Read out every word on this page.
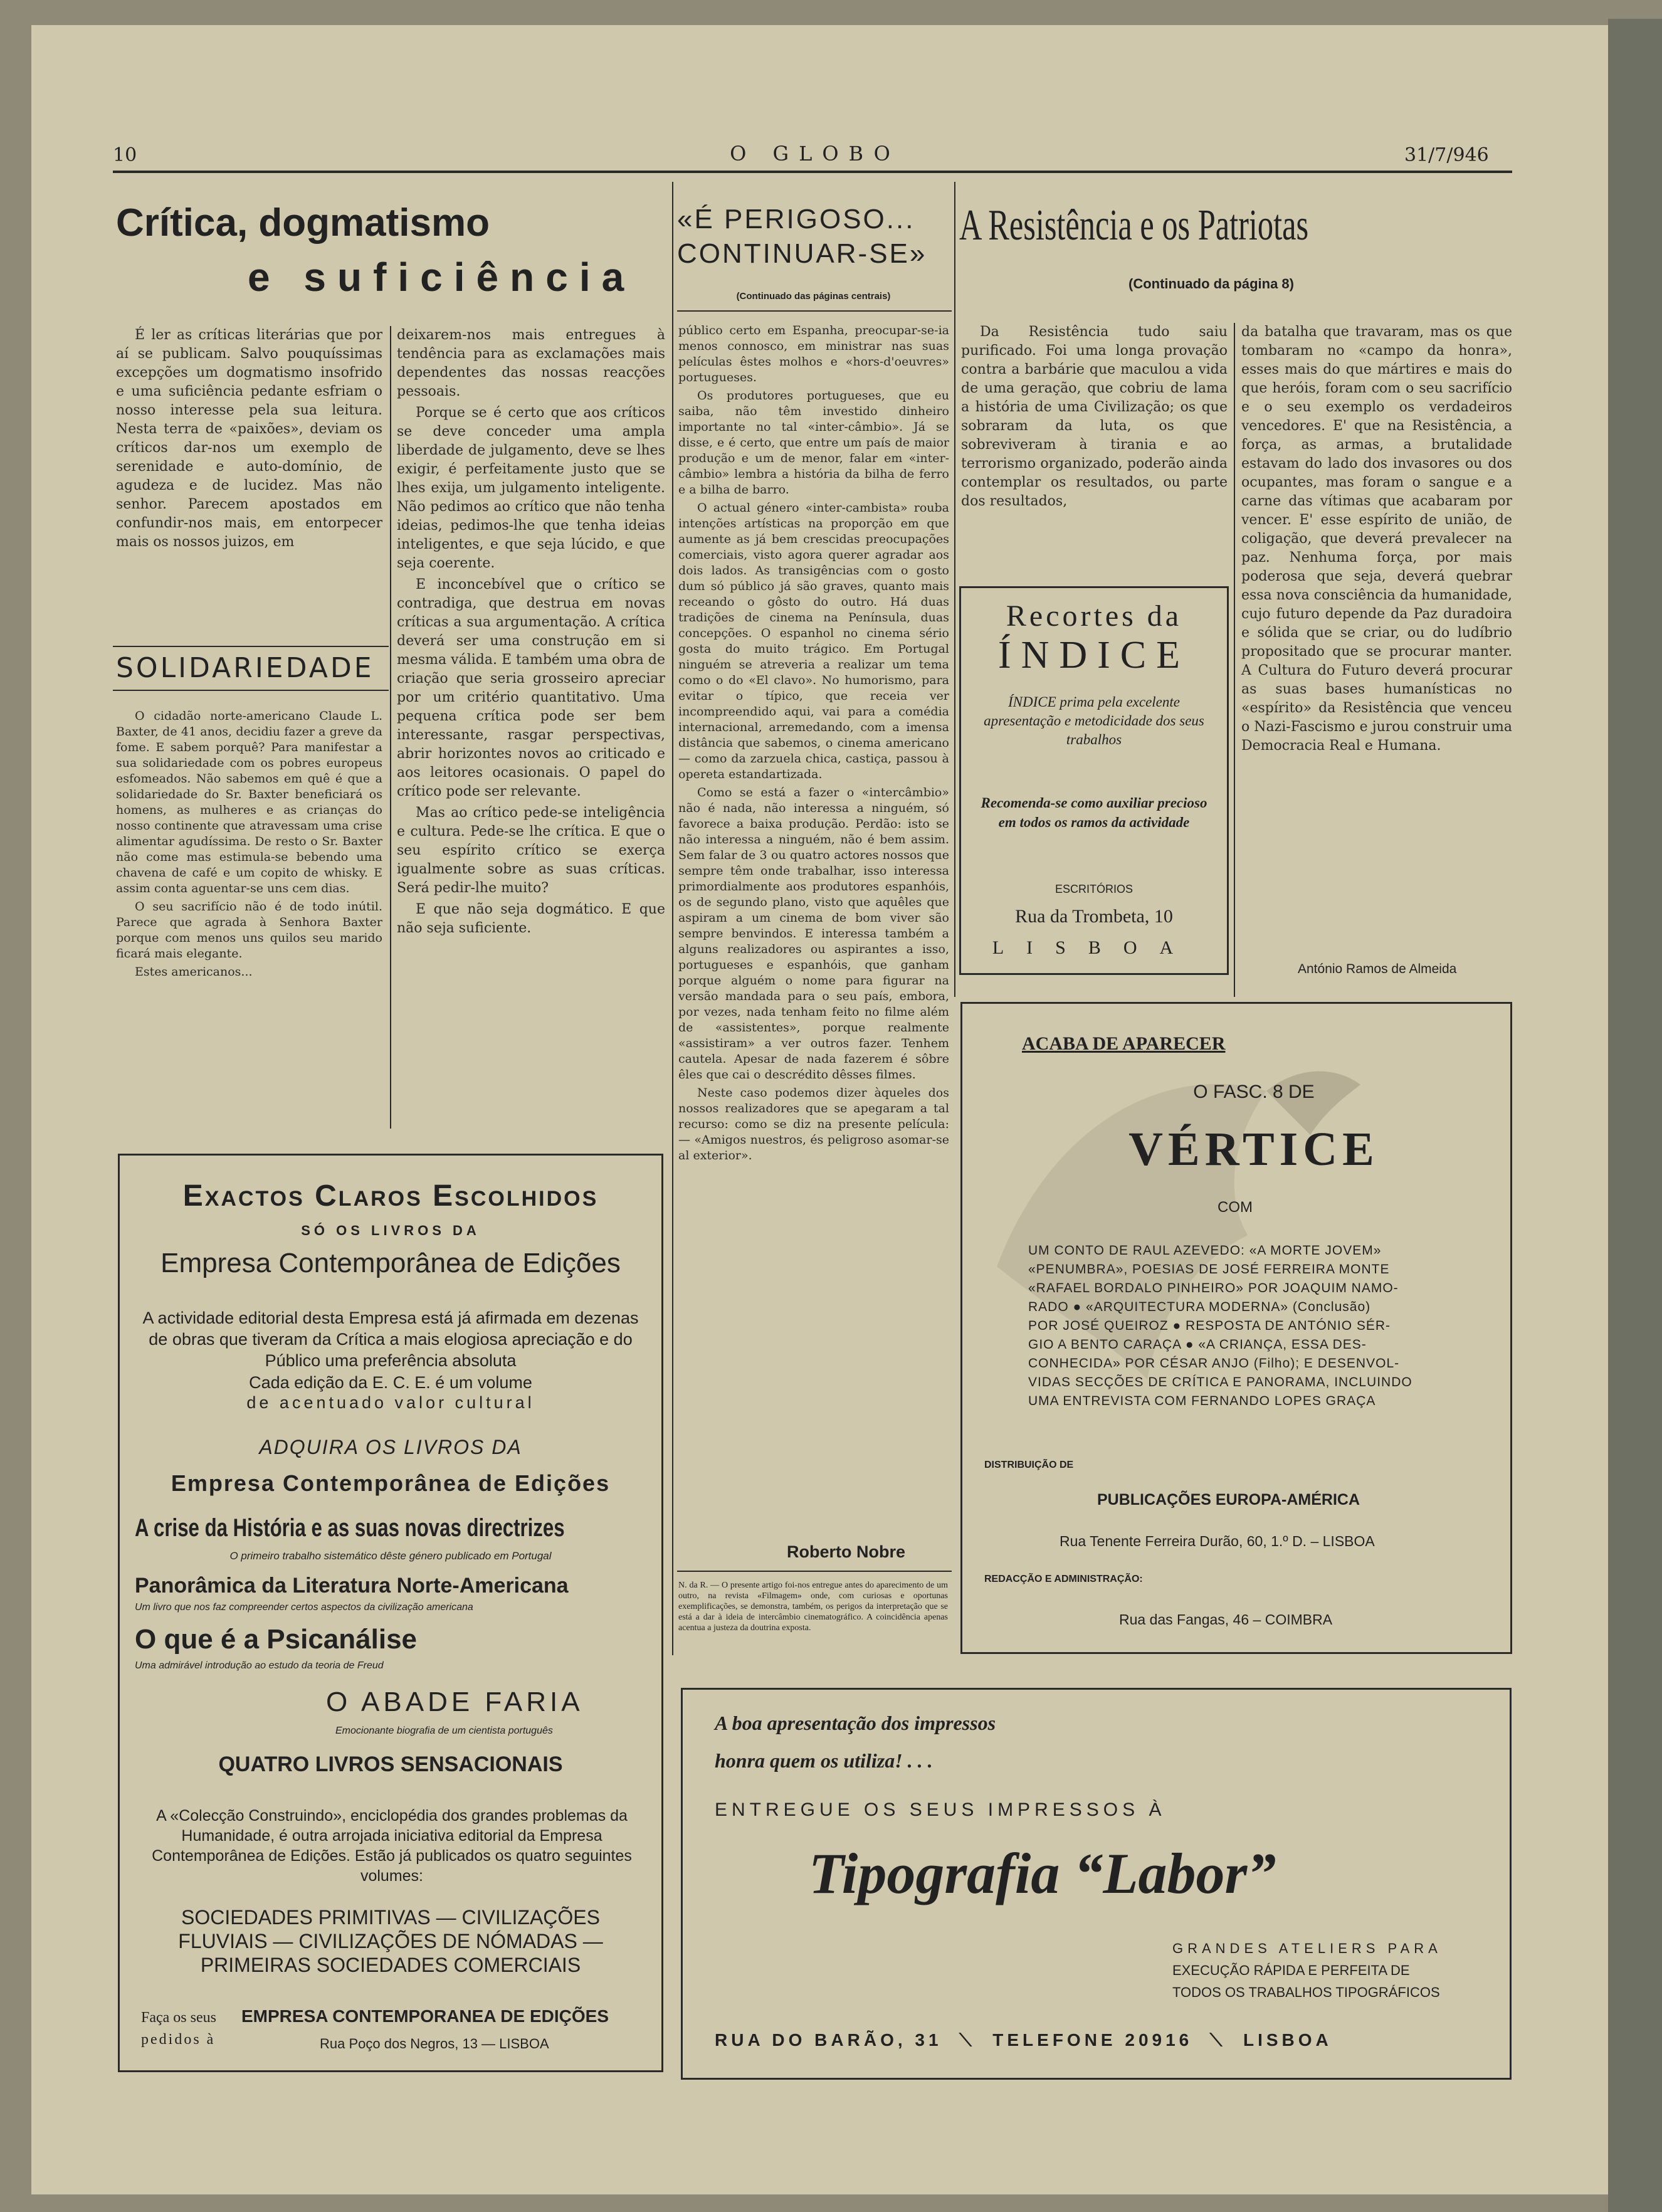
10	O GLOBO	31/7/946
Crítica, dogmatismo
e suficiência

É ler as críticas literárias que por aí se publicam. Salvo pouquíssimas excepções um dogmatismo insofrido e uma suficiência pedante esfriam o nosso interesse pela sua leitura. Nesta terra de «paixões», deviam os críticos dar-nos um exemplo de serenidade e auto-domínio, de agudeza e de lucidez. Mas não senhor. Parecem apostados em confundir-nos mais, em entorpecer mais os nossos juizos, em

deixarem-nos mais entregues à tendência para as exclamações mais dependentes das nossas reacções pessoais.

Porque se é certo que aos críticos se deve conceder uma ampla liberdade de julgamento, deve se lhes exigir, é perfeitamente justo que se lhes exija, um julgamento inteligente. Não pedimos ao crítico que não tenha ideias, pedimos-lhe que tenha ideias inteligentes, e que seja lúcido, e que seja coerente.

E inconcebível que o crítico se contradiga, que destrua em novas críticas a sua argumentação. A crítica deverá ser uma construção em si mesma válida. E também uma obra de criação que seria grosseiro apreciar por um critério quantitativo. Uma pequena crítica pode ser bem interessante, rasgar perspectivas, abrir horizontes novos ao criticado e aos leitores ocasionais. O papel do crítico pode ser relevante.

Mas ao crítico pede-se inteligência e cultura. Pede-se lhe crítica. E que o seu espírito crítico se exerça igualmente sobre as suas críticas. Será pedir-lhe muito?

E que não seja dogmático. E que não seja suficiente.

SOLIDARIEDADE

O cidadão norte-americano Claude L. Baxter, de 41 anos, decidiu fazer a greve da fome. E sabem porquê? Para manifestar a sua solidariedade com os pobres europeus esfomeados. Não sabemos em quê é que a solidariedade do Sr. Baxter beneficiará os homens, as mulheres e as crianças do nosso continente que atravessam uma crise alimentar agudíssima. De resto o Sr. Baxter não come mas estimula-se bebendo uma chavena de café e um copito de whisky. E assim conta aguentar-se uns cem dias.

O seu sacrifício não é de todo inútil. Parece que agrada à Senhora Baxter porque com menos uns quilos seu marido ficará mais elegante.

Estes americanos...

Exactos Claros Escolhidos
SÓ OS LIVROS DA
Empresa Contemporânea de Edições
A actividade editorial desta Empresa está já afirmada em dezenas de obras que tiveram da Crítica a mais elogiosa apreciação e do Público uma preferência absoluta
Cada edição da E. C. E. é um volume
de acentuado valor cultural
ADQUIRA OS LIVROS DA
Empresa Contemporânea de Edições
A crise da História e as suas novas directrizes
O primeiro trabalho sistemático dêste género publicado em Portugal
Panorâmica da Literatura Norte-Americana
Um livro que nos faz compreender certos aspectos da civilização americana
O que é a Psicanálise
Uma admirável introdução ao estudo da teoria de Freud
O ABADE FARIA
Emocionante biografia de um cientista português
QUATRO LIVROS SENSACIONAIS
A «Colecção Construindo», enciclopédia dos grandes problemas da Humanidade, é outra arrojada iniciativa editorial da Empresa Contemporânea de Edições. Estão já publicados os quatro seguintes volumes:
SOCIEDADES PRIMITIVAS — CIVILIZAÇÕES
FLUVIAIS — CIVILIZAÇÕES DE NÓMADAS —
PRIMEIRAS SOCIEDADES COMERCIAIS
Faça os seus
pedidos à
EMPRESA CONTEMPORANEA DE EDIÇÕES
Rua Poço dos Negros, 13 — LISBOA
«É PERIGOSO...
CONTINUAR-SE»
(Continuado das páginas centrais)

público certo em Espanha, preocupar-se-ia menos connosco, em ministrar nas suas películas êstes molhos e «hors-d'oeuvres» portugueses.

Os produtores portugueses, que eu saiba, não têm investido dinheiro importante no tal «inter-câmbio». Já se disse, e é certo, que entre um país de maior produção e um de menor, falar em «inter-câmbio» lembra a história da bilha de ferro e a bilha de barro.

O actual género «inter-cambista» rouba intenções artísticas na proporção em que aumente as já bem crescidas preocupações comerciais, visto agora querer agradar aos dois lados. As transigências com o gosto dum só público já são graves, quanto mais receando o gôsto do outro. Há duas tradições de cinema na Península, duas concepções. O espanhol no cinema sério gosta do muito trágico. Em Portugal ninguém se atreveria a realizar um tema como o do «El clavo». No humorismo, para evitar o típico, que receia ver incompreendido aqui, vai para a comédia internacional, arremedando, com a imensa distância que sabemos, o cinema americano — como da zarzuela chica, castiça, passou à opereta estandartizada.

Como se está a fazer o «intercâmbio» não é nada, não interessa a ninguém, só favorece a baixa produção. Perdão: isto se não interessa a ninguém, não é bem assim. Sem falar de 3 ou quatro actores nossos que sempre têm onde trabalhar, isso interessa primordialmente aos produtores espanhóis, os de segundo plano, visto que aquêles que aspiram a um cinema de bom viver são sempre benvindos. E interessa também a alguns realizadores ou aspirantes a isso, portugueses e espanhóis, que ganham porque alguém o nome para figurar na versão mandada para o seu país, embora, por vezes, nada tenham feito no filme além de «assistentes», porque realmente «assistiram» a ver outros fazer. Tenhem cautela. Apesar de nada fazerem é sôbre êles que cai o descrédito dêsses filmes.

Neste caso podemos dizer àqueles dos nossos realizadores que se apegaram a tal recurso: como se diz na presente película: — «Amigos nuestros, és peligroso asomar-se al exterior».

Roberto Nobre
N. da R. — O presente artigo foi-nos entregue antes do aparecimento de um outro, na revista «Filmagem» onde, com curiosas e oportunas exemplificações, se demonstra, também, os perigos da interpretação que se está a dar à ideia de intercâmbio cinematográfico. A coincidência apenas acentua a justeza da doutrina exposta.
A Resistência e os Patriotas
(Continuado da página 8)

Da Resistência tudo saiu purificado. Foi uma longa provação contra a barbárie que maculou a vida de uma geração, que cobriu de lama a história de uma Civilização; os que sobraram da luta, os que sobreviveram à tirania e ao terrorismo organizado, poderão ainda contemplar os resultados, ou parte dos resultados,

da batalha que travaram, mas os que tombaram no «campo da honra», esses mais do que mártires e mais do que heróis, foram com o seu sacrifício e o seu exemplo os verdadeiros vencedores. E' que na Resistência, a força, as armas, a brutalidade estavam do lado dos invasores ou dos ocupantes, mas foram o sangue e a carne das vítimas que acabaram por vencer. E' esse espírito de união, de coligação, que deverá prevalecer na paz. Nenhuma força, por mais poderosa que seja, deverá quebrar essa nova consciência da humanidade, cujo futuro depende da Paz duradoira e sólida que se criar, ou do ludíbrio propositado que se procurar manter. A Cultura do Futuro deverá procurar as suas bases humanísticas no «espírito» da Resistência que venceu o Nazi-Fascismo e jurou construir uma Democracia Real e Humana.

António Ramos de Almeida
Recortes da
ÍNDICE
ÍNDICE prima pela excelente apresentação e metodicidade dos seus trabalhos
Recomenda-se como auxiliar precioso em todos os ramos da actividade
ESCRITÓRIOS
Rua da Trombeta, 10
LISBOA
ACABA DE APARECER
O FASC. 8 DE
VÉRTICE
COM
UM CONTO DE RAUL AZEVEDO: «A MORTE JOVEM»
«PENUMBRA», POESIAS DE JOSÉ FERREIRA MONTE
«RAFAEL BORDALO PINHEIRO» POR JOAQUIM NAMO-
RADO ● «ARQUITECTURA MODERNA» (Conclusão)
POR JOSÉ QUEIROZ ● RESPOSTA DE ANTÓNIO SÉR-
GIO A BENTO CARAÇA ● «A CRIANÇA, ESSA DES-
CONHECIDA» POR CÉSAR ANJO (Filho); E DESENVOL-
VIDAS SECÇÕES DE CRÍTICA E PANORAMA, INCLUINDO
UMA ENTREVISTA COM FERNANDO LOPES GRAÇA
DISTRIBUIÇÃO DE
PUBLICAÇÕES EUROPA-AMÉRICA
Rua Tenente Ferreira Durão, 60, 1.º D. – LISBOA
REDACÇÃO E ADMINISTRAÇÃO:
Rua das Fangas, 46 – COIMBRA
A boa apresentação dos impressos
honra quem os utiliza! . . .
ENTREGUE OS SEUS IMPRESSOS À
Tipografia “Labor”
GRANDES ATELIERS PARA
EXECUÇÃO RÁPIDA E PERFEITA DE
TODOS OS TRABALHOS TIPOGRÁFICOS
RUA DO BARÃO, 31  ⟍  TELEFONE 20916  ⟍  LISBOA
